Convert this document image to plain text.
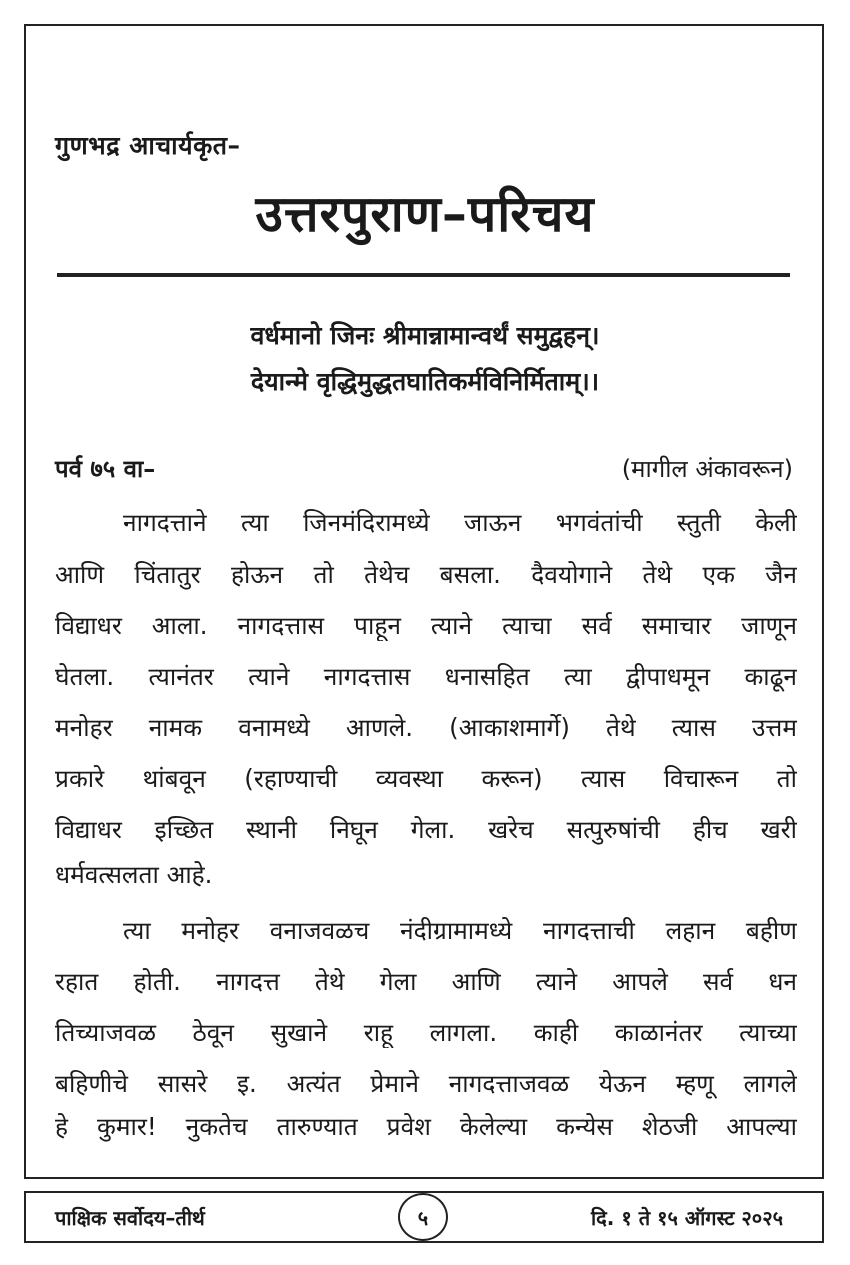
गुणभद्र आचार्यकृत–
उत्तरपुराण–परिचय
वर्धमानो जिनः श्रीमान्नामान्वर्थं समुद्वहन्।
देयान्मे वृद्धिमुद्धतघातिकर्मविनिर्मिताम्।।
पर्व ७५ वा–	(मागील अंकावरून)
नागदत्ताने त्या जिनमंदिरामध्ये जाऊन भगवंतांची स्तुती केली
आणि चिंतातुर होऊन तो तेथेच बसला. दैवयोगाने तेथे एक जैन
विद्याधर आला. नागदत्तास पाहून त्याने त्याचा सर्व समाचार जाणून
घेतला. त्यानंतर त्याने नागदत्तास धनासहित त्या द्वीपाधमून काढून
मनोहर नामक वनामध्ये आणले. (आकाशमार्गे) तेथे त्यास उत्तम
प्रकारे थांबवून (रहाण्याची व्यवस्था करून) त्यास विचारून तो
विद्याधर इच्छित स्थानी निघून गेला. खरेच सत्पुरुषांची हीच खरी
धर्मवत्सलता आहे.
त्या मनोहर वनाजवळच नंदीग्रामामध्ये नागदत्ताची लहान बहीण
रहात होती. नागदत्त तेथे गेला आणि त्याने आपले सर्व धन
तिच्याजवळ ठेवून सुखाने राहू लागला. काही काळानंतर त्याच्या
बहिणीचे सासरे इ. अत्यंत प्रेमाने नागदत्ताजवळ येऊन म्हणू लागले
हे कुमार! नुकतेच तारुण्यात प्रवेश केलेल्या कन्येस शेठजी आपल्या
पाक्षिक सर्वोदय–तीर्थ	५	दि. १ ते १५ ऑगस्ट २०२५
